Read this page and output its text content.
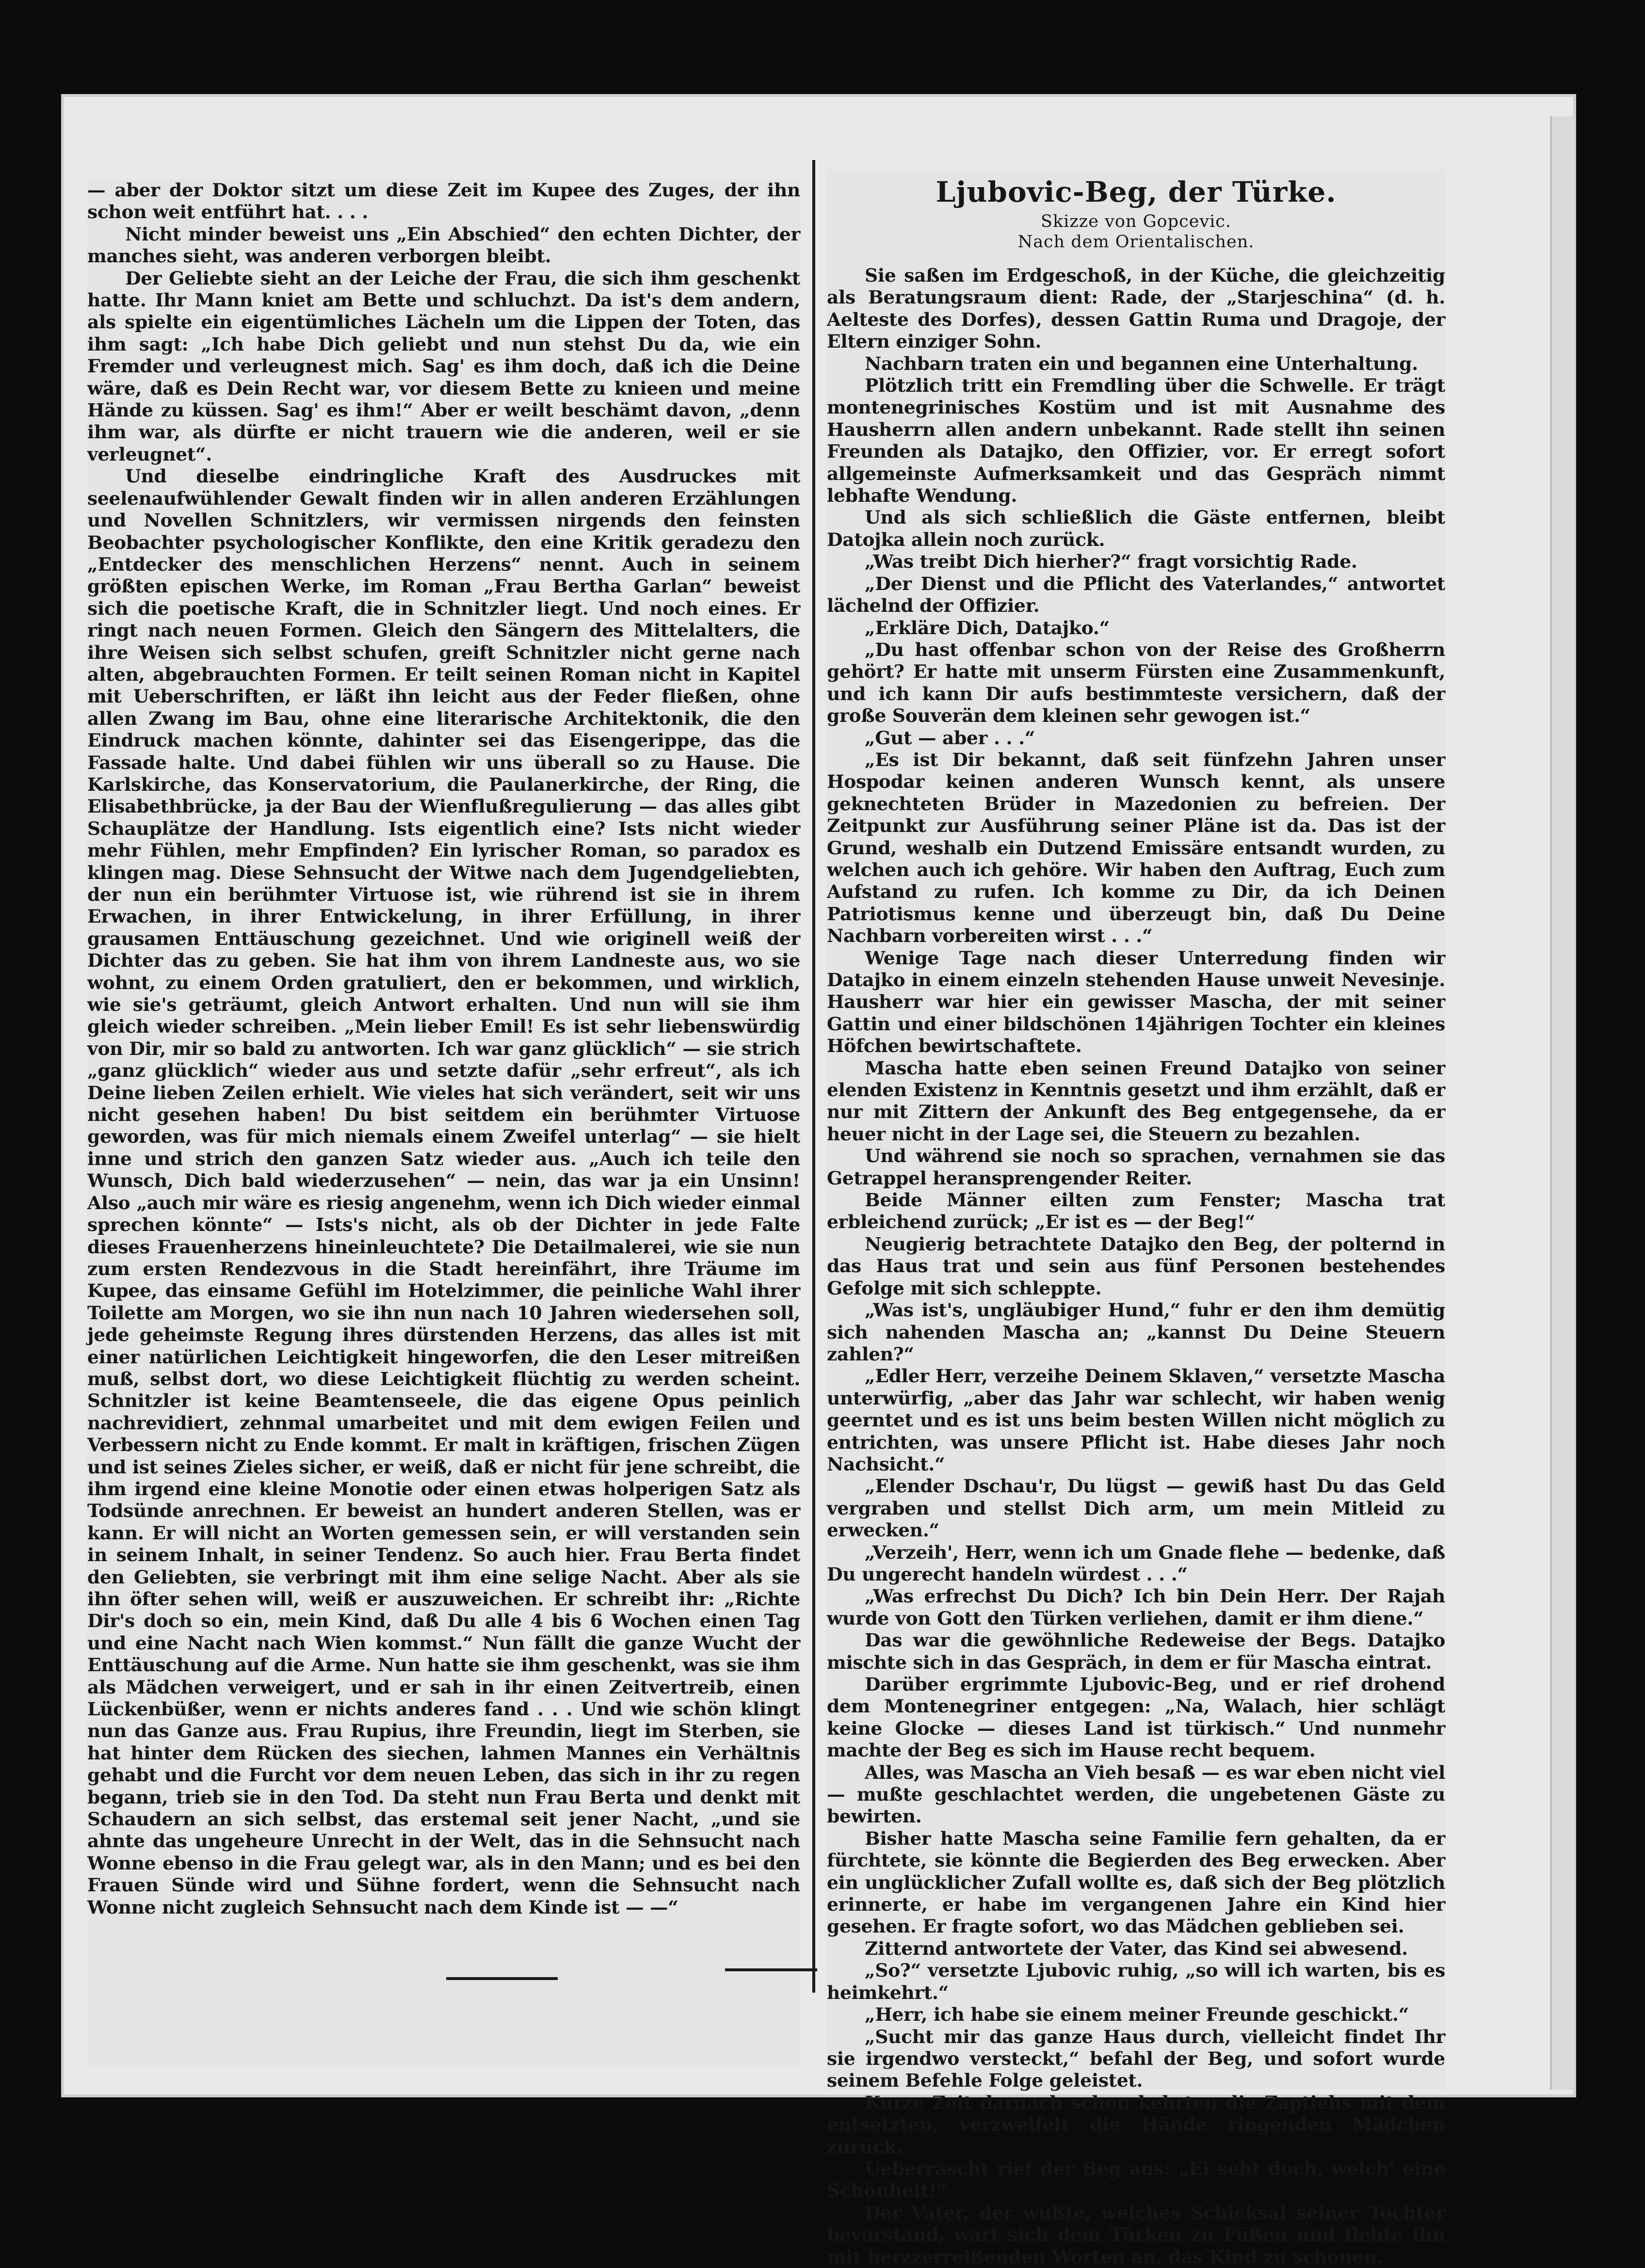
— aber der Doktor sitzt um diese Zeit im Kupee des Zuges, der ihn schon weit entführt hat. . . .

Nicht minder beweist uns „Ein Abschied“ den echten Dichter, der manches sieht, was anderen verborgen bleibt.

Der Geliebte sieht an der Leiche der Frau, die sich ihm geschenkt hatte. Ihr Mann kniet am Bette und schluchzt. Da ist's dem andern, als spielte ein eigentümliches Lächeln um die Lippen der Toten, das ihm sagt: „Ich habe Dich geliebt und nun stehst Du da, wie ein Fremder und verleugnest mich. Sag' es ihm doch, daß ich die Deine wäre, daß es Dein Recht war, vor diesem Bette zu knieen und meine Hände zu küssen. Sag' es ihm!“ Aber er weilt beschämt davon, „denn ihm war, als dürfte er nicht trauern wie die anderen, weil er sie verleugnet“.

Und dieselbe eindringliche Kraft des Ausdruckes mit seelenaufwühlender Gewalt finden wir in allen anderen Erzählungen und Novellen Schnitzlers, wir vermissen nirgends den feinsten Beobachter psychologischer Konflikte, den eine Kritik geradezu den „Entdecker des menschlichen Herzens“ nennt. Auch in seinem größten epischen Werke, im Roman „Frau Bertha Garlan“ beweist sich die poetische Kraft, die in Schnitzler liegt. Und noch eines. Er ringt nach neuen Formen. Gleich den Sängern des Mittelalters, die ihre Weisen sich selbst schufen, greift Schnitzler nicht gerne nach alten, abgebrauchten Formen. Er teilt seinen Roman nicht in Kapitel mit Ueberschriften, er läßt ihn leicht aus der Feder fließen, ohne allen Zwang im Bau, ohne eine literarische Architektonik, die den Eindruck machen könnte, dahinter sei das Eisengerippe, das die Fassade halte. Und dabei fühlen wir uns überall so zu Hause. Die Karlskirche, das Konservatorium, die Paulanerkirche, der Ring, die Elisabethbrücke, ja der Bau der Wienflußregulierung — das alles gibt Schauplätze der Handlung. Ists eigentlich eine? Ists nicht wieder mehr Fühlen, mehr Empfinden? Ein lyrischer Roman, so paradox es klingen mag. Diese Sehnsucht der Witwe nach dem Jugendgeliebten, der nun ein berühmter Virtuose ist, wie rührend ist sie in ihrem Erwachen, in ihrer Entwickelung, in ihrer Erfüllung, in ihrer grausamen Enttäuschung gezeichnet. Und wie originell weiß der Dichter das zu geben. Sie hat ihm von ihrem Landneste aus, wo sie wohnt, zu einem Orden gratuliert, den er bekommen, und wirklich, wie sie's geträumt, gleich Antwort erhalten. Und nun will sie ihm gleich wieder schreiben. „Mein lieber Emil! Es ist sehr liebenswürdig von Dir, mir so bald zu antworten. Ich war ganz glücklich“ — sie strich „ganz glücklich“ wieder aus und setzte dafür „sehr erfreut“, als ich Deine lieben Zeilen erhielt. Wie vieles hat sich verändert, seit wir uns nicht gesehen haben! Du bist seitdem ein berühmter Virtuose geworden, was für mich niemals einem Zweifel unterlag“ — sie hielt inne und strich den ganzen Satz wieder aus. „Auch ich teile den Wunsch, Dich bald wiederzusehen“ — nein, das war ja ein Unsinn! Also „auch mir wäre es riesig angenehm, wenn ich Dich wieder einmal sprechen könnte“ — Ists's nicht, als ob der Dichter in jede Falte dieses Frauenherzens hineinleuchtete? Die Detailmalerei, wie sie nun zum ersten Rendezvous in die Stadt hereinfährt, ihre Träume im Kupee, das einsame Gefühl im Hotelzimmer, die peinliche Wahl ihrer Toilette am Morgen, wo sie ihn nun nach 10 Jahren wiedersehen soll, jede geheimste Regung ihres dürstenden Herzens, das alles ist mit einer natürlichen Leichtigkeit hingeworfen, die den Leser mitreißen muß, selbst dort, wo diese Leichtigkeit flüchtig zu werden scheint. Schnitzler ist keine Beamtenseele, die das eigene Opus peinlich nachrevidiert, zehnmal umarbeitet und mit dem ewigen Feilen und Verbessern nicht zu Ende kommt. Er malt in kräftigen, frischen Zügen und ist seines Zieles sicher, er weiß, daß er nicht für jene schreibt, die ihm irgend eine kleine Monotie oder einen etwas holperigen Satz als Todsünde anrechnen. Er beweist an hundert anderen Stellen, was er kann. Er will nicht an Worten gemessen sein, er will verstanden sein in seinem Inhalt, in seiner Tendenz. So auch hier. Frau Berta findet den Geliebten, sie verbringt mit ihm eine selige Nacht. Aber als sie ihn öfter sehen will, weiß er auszuweichen. Er schreibt ihr: „Richte Dir's doch so ein, mein Kind, daß Du alle 4 bis 6 Wochen einen Tag und eine Nacht nach Wien kommst.“ Nun fällt die ganze Wucht der Enttäuschung auf die Arme. Nun hatte sie ihm geschenkt, was sie ihm als Mädchen verweigert, und er sah in ihr einen Zeitvertreib, einen Lückenbüßer, wenn er nichts anderes fand . . . Und wie schön klingt nun das Ganze aus. Frau Rupius, ihre Freundin, liegt im Sterben, sie hat hinter dem Rücken des siechen, lahmen Mannes ein Verhältnis gehabt und die Furcht vor dem neuen Leben, das sich in ihr zu regen begann, trieb sie in den Tod. Da steht nun Frau Berta und denkt mit Schaudern an sich selbst, das erstemal seit jener Nacht, „und sie ahnte das ungeheure Unrecht in der Welt, das in die Sehnsucht nach Wonne ebenso in die Frau gelegt war, als in den Mann; und es bei den Frauen Sünde wird und Sühne fordert, wenn die Sehnsucht nach Wonne nicht zugleich Sehnsucht nach dem Kinde ist — —“

Ljubovic-Beg, der Türke.

Skizze von Gopcevic.

Nach dem Orientalischen.

Sie saßen im Erdgeschoß, in der Küche, die gleichzeitig als Beratungsraum dient: Rade, der „Starjeschina“ (d. h. Aelteste des Dorfes), dessen Gattin Ruma und Dragoje, der Eltern einziger Sohn.

Nachbarn traten ein und begannen eine Unterhaltung.

Plötzlich tritt ein Fremdling über die Schwelle. Er trägt montenegrinisches Kostüm und ist mit Ausnahme des Hausherrn allen andern unbekannt. Rade stellt ihn seinen Freunden als Datajko, den Offizier, vor. Er erregt sofort allgemeinste Aufmerksamkeit und das Gespräch nimmt lebhafte Wendung.

Und als sich schließlich die Gäste entfernen, bleibt Datojka allein noch zurück.

„Was treibt Dich hierher?“ fragt vorsichtig Rade.

„Der Dienst und die Pflicht des Vaterlandes,“ antwortet lächelnd der Offizier.

„Erkläre Dich, Datajko.“

„Du hast offenbar schon von der Reise des Großherrn gehört? Er hatte mit unserm Fürsten eine Zusammenkunft, und ich kann Dir aufs bestimmteste versichern, daß der große Souverän dem kleinen sehr gewogen ist.“

„Gut — aber . . .“

„Es ist Dir bekannt, daß seit fünfzehn Jahren unser Hospodar keinen anderen Wunsch kennt, als unsere geknechteten Brüder in Mazedonien zu befreien. Der Zeitpunkt zur Ausführung seiner Pläne ist da. Das ist der Grund, weshalb ein Dutzend Emissäre entsandt wurden, zu welchen auch ich gehöre. Wir haben den Auftrag, Euch zum Aufstand zu rufen. Ich komme zu Dir, da ich Deinen Patriotismus kenne und überzeugt bin, daß Du Deine Nachbarn vorbereiten wirst . . .“

Wenige Tage nach dieser Unterredung finden wir Datajko in einem einzeln stehenden Hause unweit Nevesinje. Hausherr war hier ein gewisser Mascha, der mit seiner Gattin und einer bildschönen 14jährigen Tochter ein kleines Höfchen bewirtschaftete.

Mascha hatte eben seinen Freund Datajko von seiner elenden Existenz in Kenntnis gesetzt und ihm erzählt, daß er nur mit Zittern der Ankunft des Beg entgegensehe, da er heuer nicht in der Lage sei, die Steuern zu bezahlen.

Und während sie noch so sprachen, vernahmen sie das Getrappel heransprengender Reiter.

Beide Männer eilten zum Fenster; Mascha trat erbleichend zurück; „Er ist es — der Beg!“

Neugierig betrachtete Datajko den Beg, der polternd in das Haus trat und sein aus fünf Personen bestehendes Gefolge mit sich schleppte.

„Was ist's, ungläubiger Hund,“ fuhr er den ihm demütig sich nahenden Mascha an; „kannst Du Deine Steuern zahlen?“

„Edler Herr, verzeihe Deinem Sklaven,“ versetzte Mascha unterwürfig, „aber das Jahr war schlecht, wir haben wenig geerntet und es ist uns beim besten Willen nicht möglich zu entrichten, was unsere Pflicht ist. Habe dieses Jahr noch Nachsicht.“

„Elender Dschau'r, Du lügst — gewiß hast Du das Geld vergraben und stellst Dich arm, um mein Mitleid zu erwecken.“

„Verzeih', Herr, wenn ich um Gnade flehe — bedenke, daß Du ungerecht handeln würdest . . .“

„Was erfrechst Du Dich? Ich bin Dein Herr. Der Rajah wurde von Gott den Türken verliehen, damit er ihm diene.“

Das war die gewöhnliche Redeweise der Begs. Datajko mischte sich in das Gespräch, in dem er für Mascha eintrat.

Darüber ergrimmte Ljubovic-Beg, und er rief drohend dem Montenegriner entgegen: „Na, Walach, hier schlägt keine Glocke — dieses Land ist türkisch.“ Und nunmehr machte der Beg es sich im Hause recht bequem.

Alles, was Mascha an Vieh besaß — es war eben nicht viel — mußte geschlachtet werden, die ungebetenen Gäste zu bewirten.

Bisher hatte Mascha seine Familie fern gehalten, da er fürchtete, sie könnte die Begierden des Beg erwecken. Aber ein unglücklicher Zufall wollte es, daß sich der Beg plötzlich erinnerte, er habe im vergangenen Jahre ein Kind hier gesehen. Er fragte sofort, wo das Mädchen geblieben sei.

Zitternd antwortete der Vater, das Kind sei abwesend.

„So?“ versetzte Ljubovic ruhig, „so will ich warten, bis es heimkehrt.“

„Herr, ich habe sie einem meiner Freunde geschickt.“

„Sucht mir das ganze Haus durch, vielleicht findet Ihr sie irgendwo versteckt,“ befahl der Beg, und sofort wurde seinem Befehle Folge geleistet.

Kurze Zeit darnach schon kehrten die Zaptiehs mit dem entsetzten, verzweifelt die Hände ringenden Mädchen zurück.

Ueberrascht rief der Beg aus: „Ei seht doch, welch' eine Schönheit!“

Der Vater, der wußte, welches Schicksal seiner Tochter bevorstand, warf sich dem Türken zu Füßen und flehte ihn mit herzzerreißenden Worten an, das Kind zu schonen.
